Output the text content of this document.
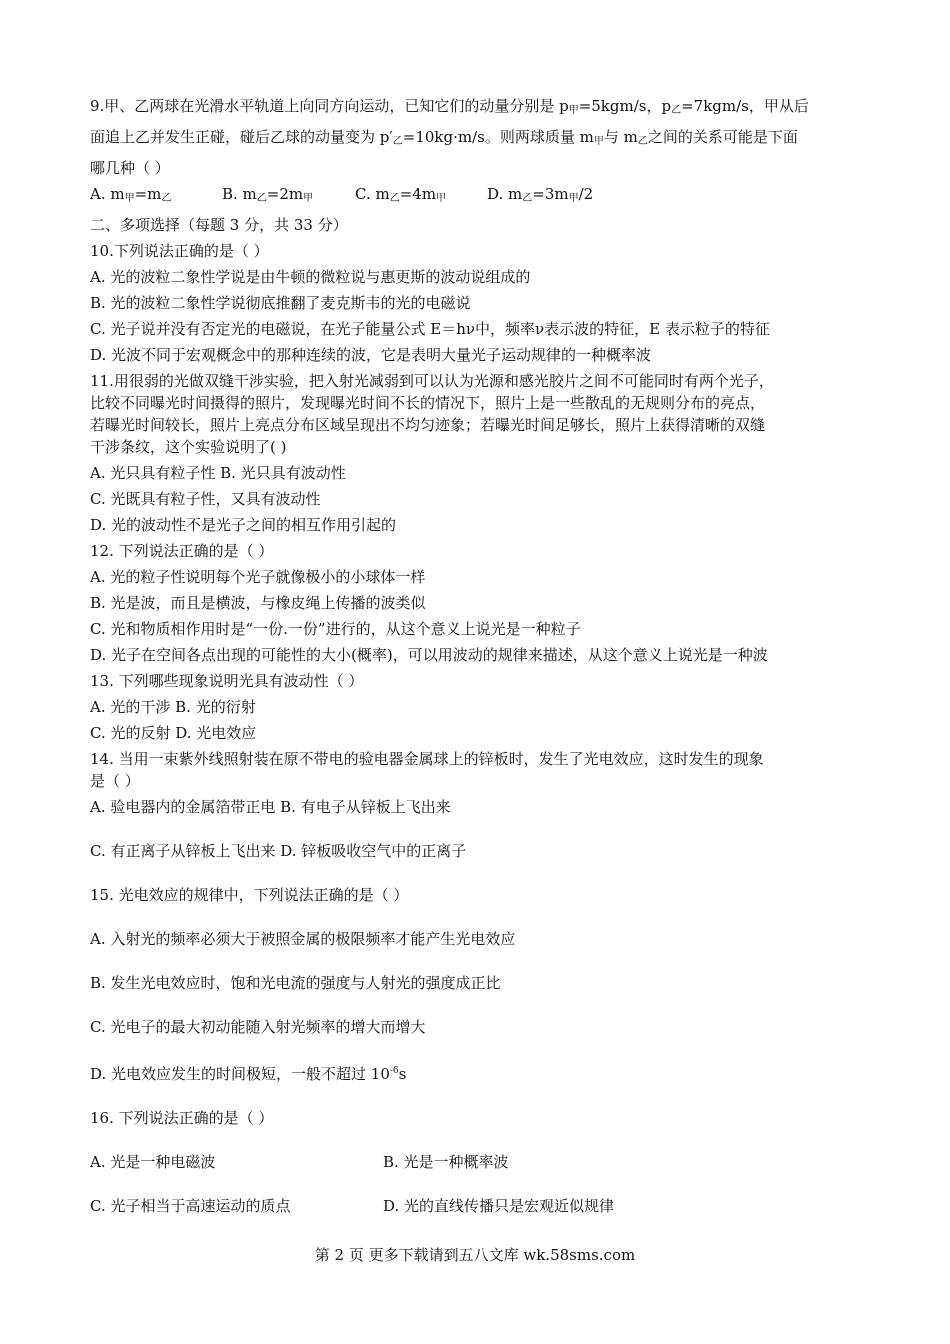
9.甲、乙两球在光滑水平轨道上向同方向运动，已知它们的动量分别是 $p_甲=5kgm/s$，$p_乙=7kgm/s$，甲从后
面追上乙并发生正碰，碰后乙球的动量变为 $p'_乙=10kg\cdot m/s$。则两球质量 $m_甲$与 $m_乙$之间的关系可能是下面
哪几种（ ）
A. $m_甲=m_乙$	B. $m_乙=2m_甲$	C. $m_乙=4m_甲$	D. $m_乙=3m_甲/2$
二、多项选择（每题 3 分，共 33 分）
10.下列说法正确的是（ ）
A. 光的波粒二象性学说是由牛顿的微粒说与惠更斯的波动说组成的
B. 光的波粒二象性学说彻底推翻了麦克斯韦的光的电磁说
C. 光子说并没有否定光的电磁说，在光子能量公式 E＝hν中，频率ν表示波的特征，E 表示粒子的特征
D. 光波不同于宏观概念中的那种连续的波，它是表明大量光子运动规律的一种概率波
11.用很弱的光做双缝干涉实验，把入射光减弱到可以认为光源和感光胶片之间不可能同时有两个光子，
比较不同曝光时间摄得的照片，发现曝光时间不长的情况下，照片上是一些散乱的无规则分布的亮点，
若曝光时间较长，照片上亮点分布区域呈现出不均匀迹象；若曝光时间足够长，照片上获得清晰的双缝
干涉条纹，这个实验说明了( )
A. 光只具有粒子性 B. 光只具有波动性
C. 光既具有粒子性，又具有波动性
D. 光的波动性不是光子之间的相互作用引起的
12. 下列说法正确的是（ ）
A. 光的粒子性说明每个光子就像极小的小球体一样
B. 光是波，而且是横波，与橡皮绳上传播的波类似
C. 光和物质相作用时是“一份.一份”进行的，从这个意义上说光是一种粒子
D. 光子在空间各点出现的可能性的大小(概率)，可以用波动的规律来描述，从这个意义上说光是一种波
13. 下列哪些现象说明光具有波动性（ ）
A. 光的干涉 B. 光的衍射
C. 光的反射 D. 光电效应
14. 当用一束紫外线照射装在原不带电的验电器金属球上的锌板时，发生了光电效应，这时发生的现象
是（ ）
A. 验电器内的金属箔带正电 B. 有电子从锌板上飞出来
C. 有正离子从锌板上飞出来 D. 锌板吸收空气中的正离子
15. 光电效应的规律中，下列说法正确的是（ ）
A. 入射光的频率必须大于被照金属的极限频率才能产生光电效应
B. 发生光电效应时，饱和光电流的强度与人射光的强度成正比
C. 光电子的最大初动能随入射光频率的增大而增大
D. 光电效应发生的时间极短，一般不超过 $10^{-6}s$
16. 下列说法正确的是（ ）
A. 光是一种电磁波	B. 光是一种概率波
C. 光子相当于高速运动的质点	D. 光的直线传播只是宏观近似规律
第 2 页 更多下载请到五八文库 wk.58sms.com
